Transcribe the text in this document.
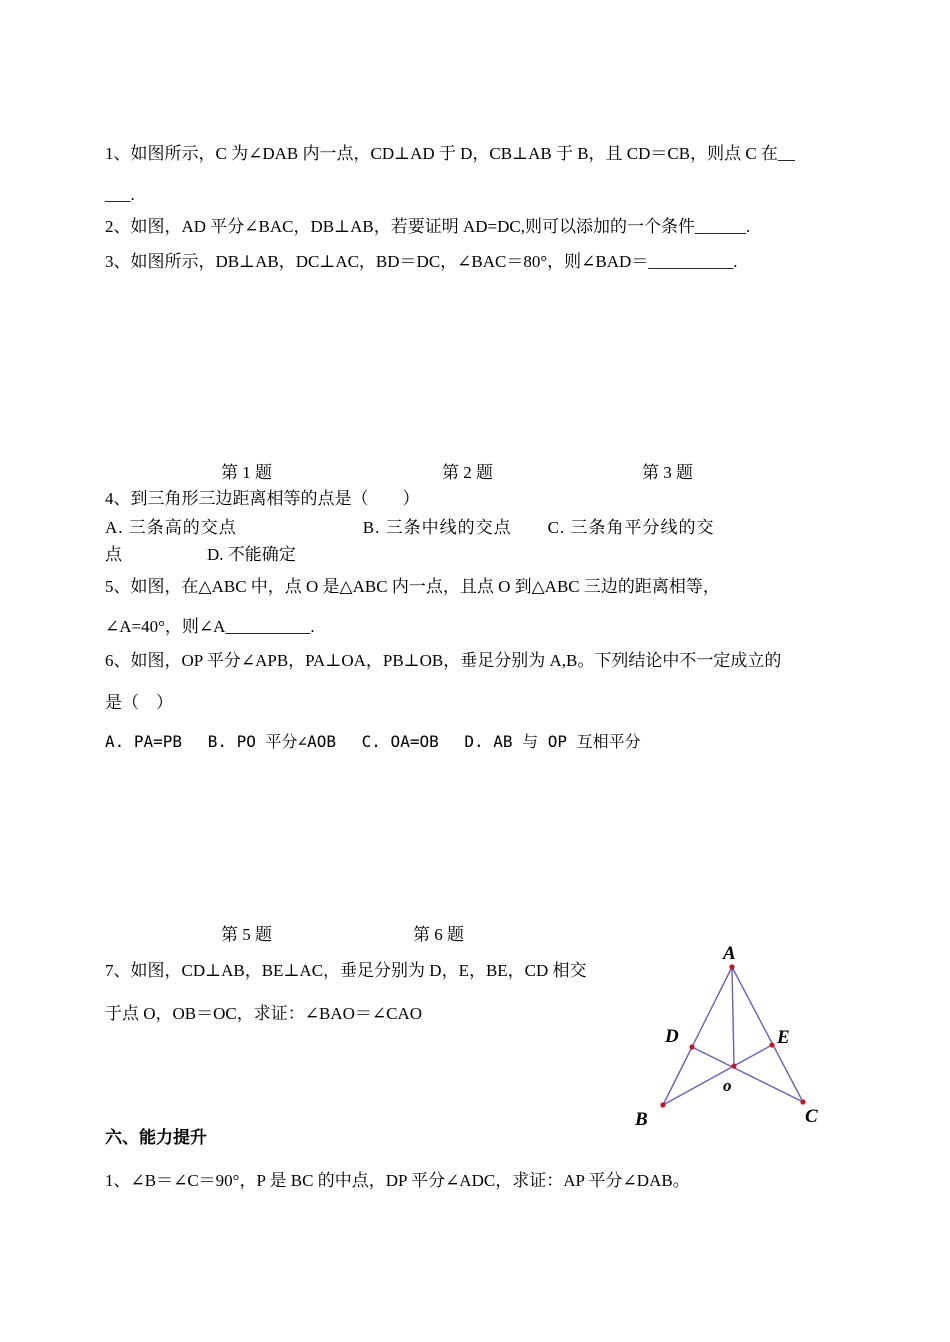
1、如图所示，C 为∠DAB 内一点，CD⊥AD 于 D，CB⊥AB 于 B，且 CD＝CB，则点 C 在__
___.
2、如图，AD 平分∠BAC，DB⊥AB，若要证明 AD=DC,则可以添加的一个条件______.
3、如图所示，DB⊥AB，DC⊥AC，BD＝DC，∠BAC＝80°，则∠BAD＝__________.
第 1 题	第 2 题	第 3 题
4、到三角形三边距离相等的点是（　　）
A. 三条高的交点　　　　　　　B. 三条中线的交点　　C. 三条角平分线的交
点　　　　　D. 不能确定
5、如图，在△ABC 中，点 O 是△ABC 内一点，且点 O 到△ABC 三边的距离相等，
∠A=40°，则∠A__________.
6、如图，OP 平分∠APB，PA⊥OA，PB⊥OB，垂足分别为 A,B。下列结论中不一定成立的
是（　）
A. PA=PB　 B. PO 平分∠AOB　 C. OA=OB　 D. AB 与 OP 互相平分
第 5 题	第 6 题
7、如图，CD⊥AB，BE⊥AC，垂足分别为 D，E，BE，CD 相交
于点 O，OB＝OC，求证：∠BAO＝∠CAO
A
B	C
D	E
o
六、能力提升
1、∠B＝∠C＝90°，P 是 BC 的中点，DP 平分∠ADC，求证：AP 平分∠DAB。
